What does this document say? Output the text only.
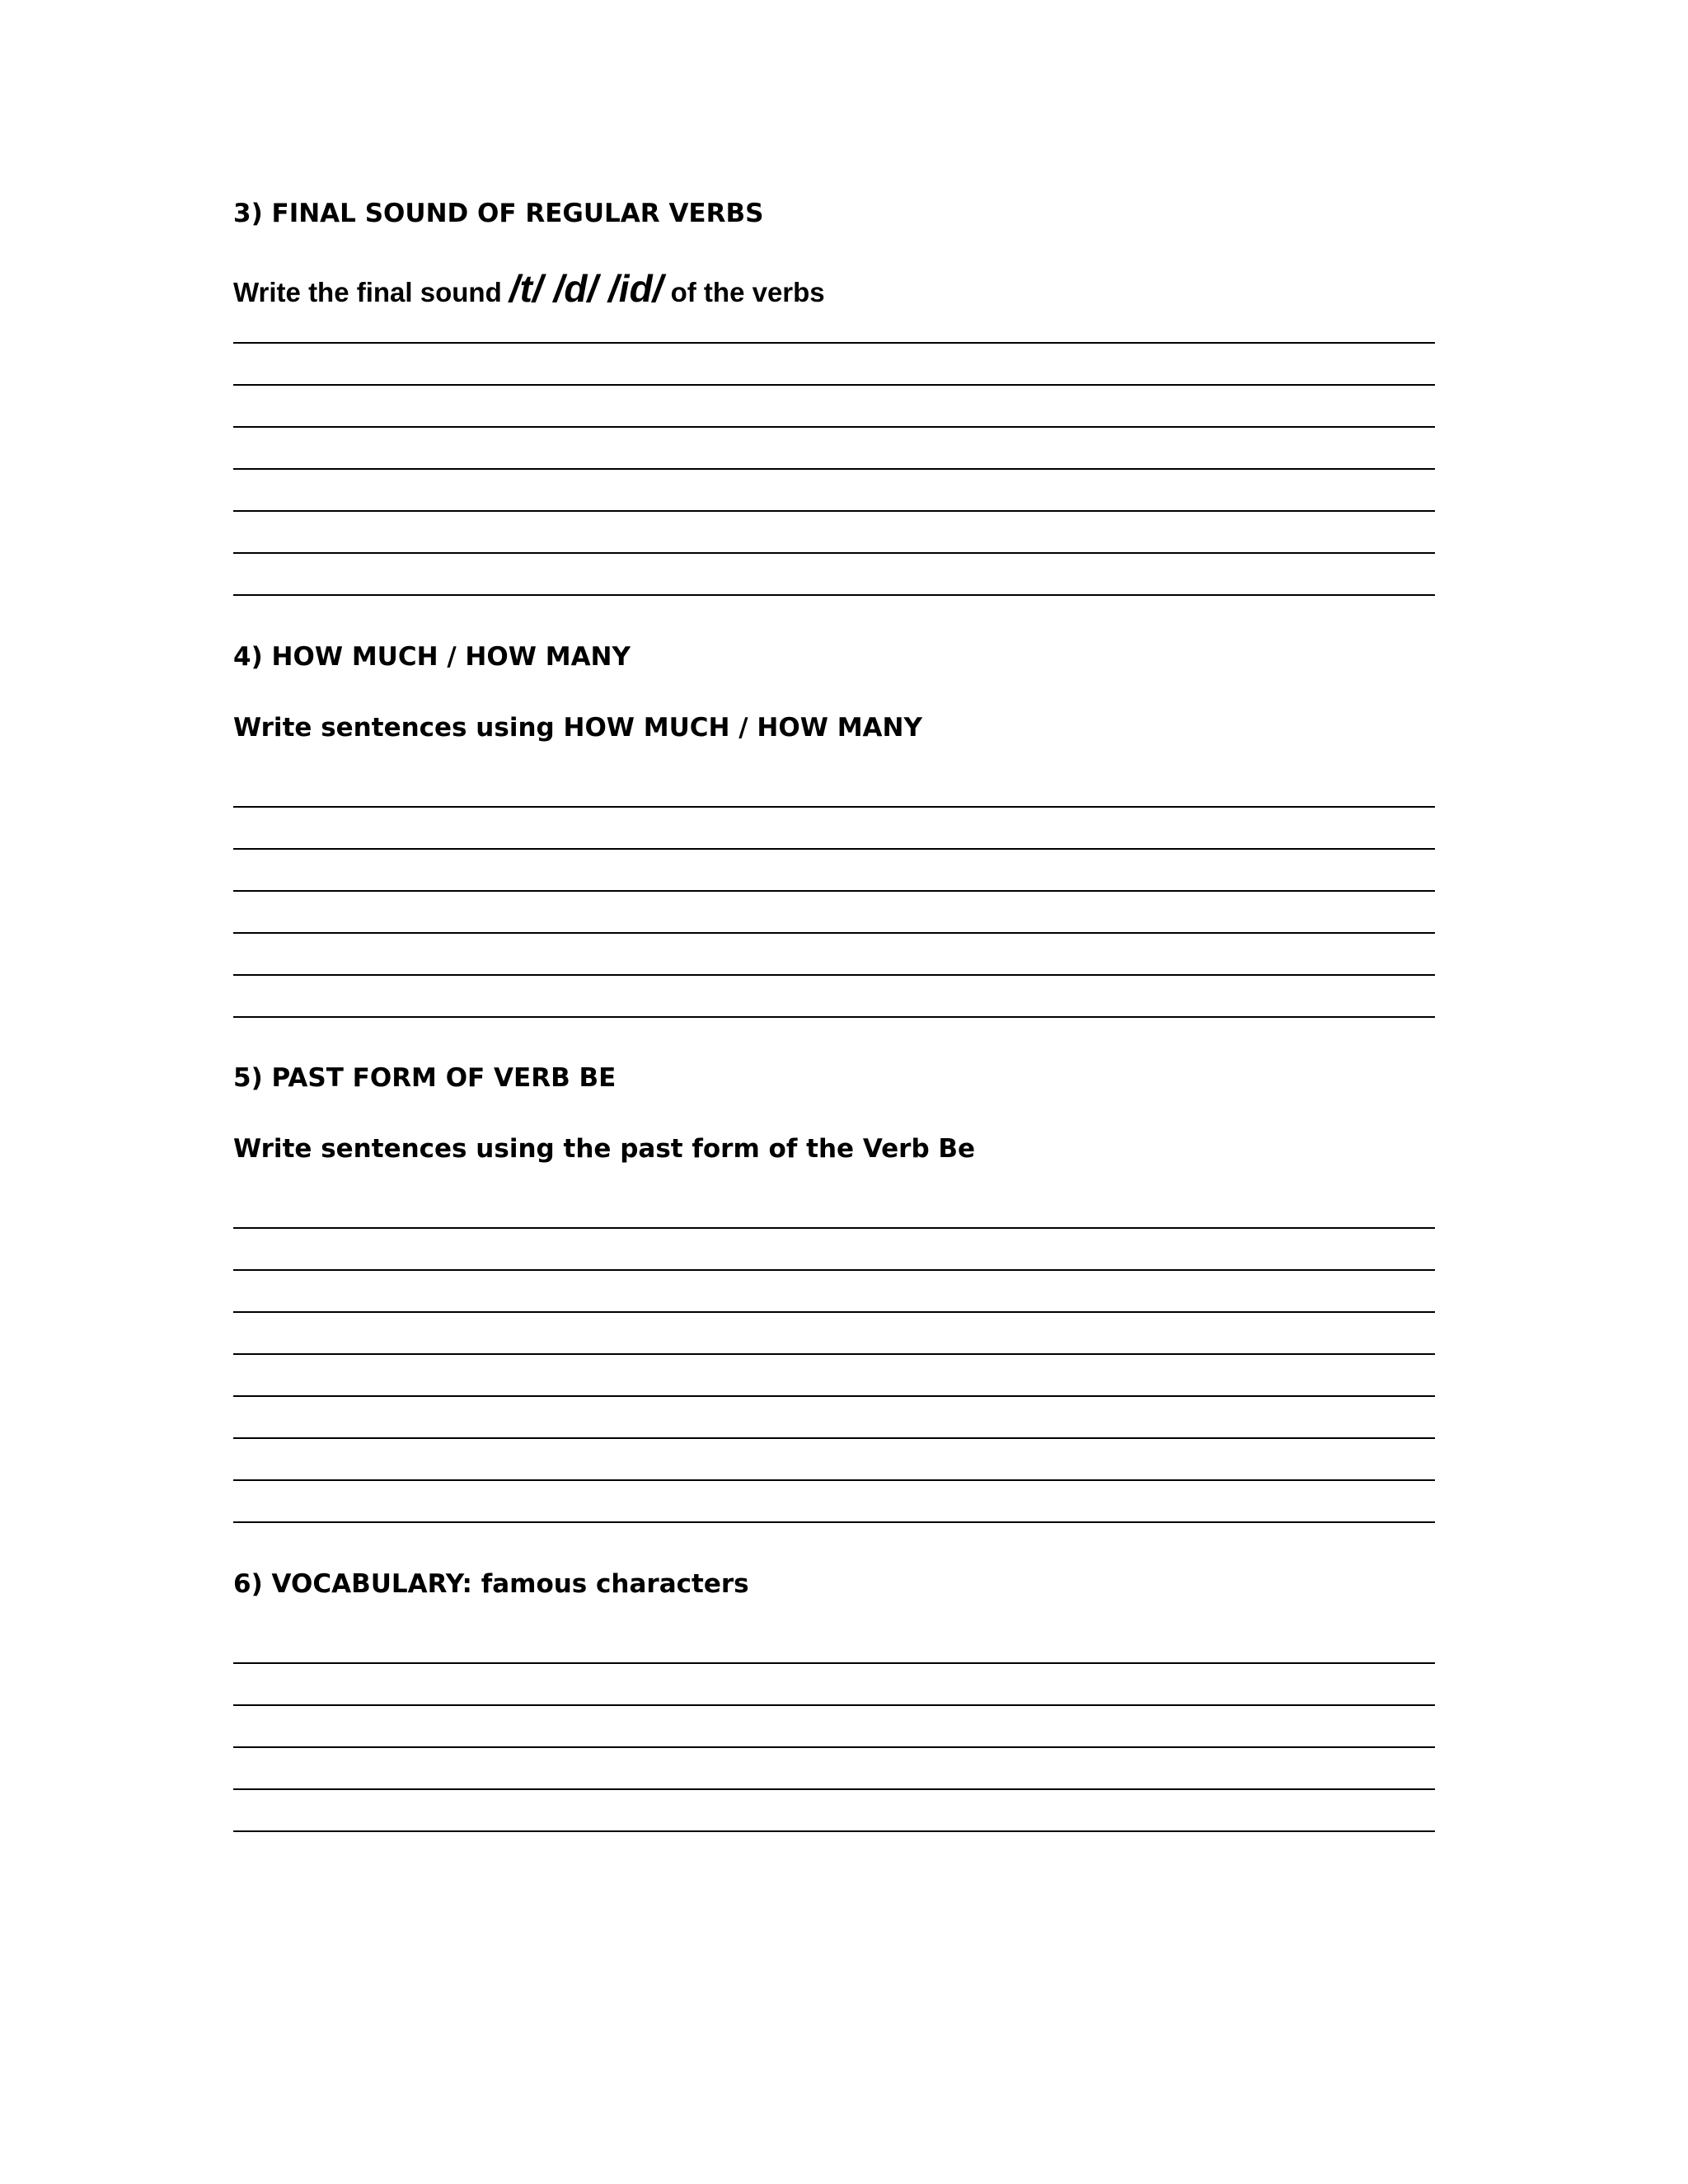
3) FINAL SOUND OF REGULAR VERBS
Write the final sound /t/ /d/ /id/ of the verbs
4) HOW MUCH / HOW MANY
Write sentences using HOW MUCH / HOW MANY
5) PAST FORM OF VERB BE
Write sentences using the past form of the Verb Be
6) VOCABULARY: famous characters
